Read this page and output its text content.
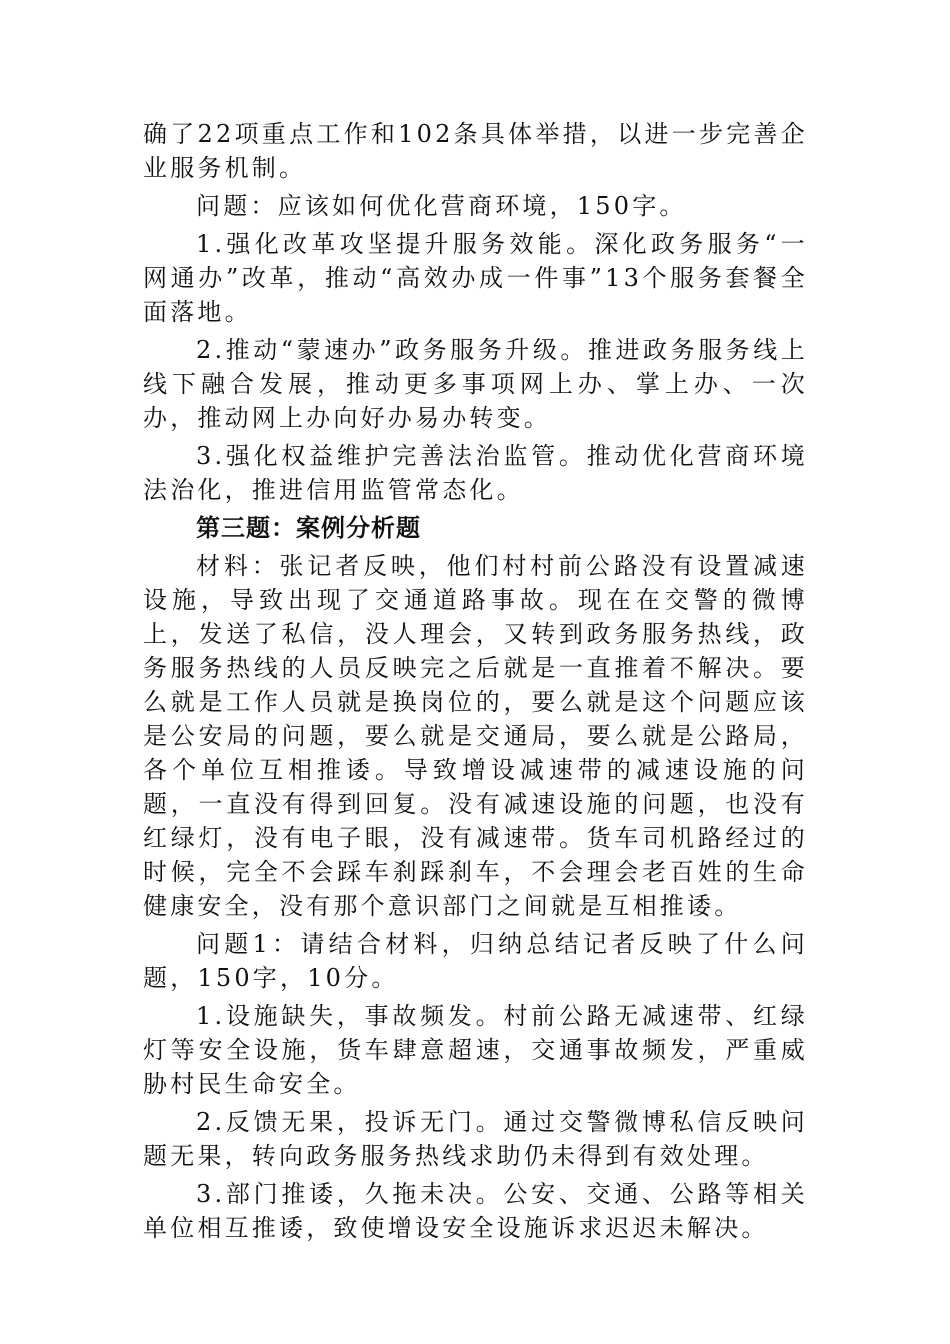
确了22项重点工作和102条具体举措，以进一步完善企业服务机制。

问题：应该如何优化营商环境，150字。

1.强化改革攻坚提升服务效能。深化政务服务“一网通办”改革，推动“高效办成一件事”13个服务套餐全面落地。

2.推动“蒙速办”政务服务升级。推进政务服务线上线下融合发展，推动更多事项网上办、掌上办、一次办，推动网上办向好办易办转变。

3.强化权益维护完善法治监管。推动优化营商环境法治化，推进信用监管常态化。

第三题：案例分析题

材料：张记者反映，他们村村前公路没有设置减速设施，导致出现了交通道路事故。现在在交警的微博上，发送了私信，没人理会，又转到政务服务热线，政务服务热线的人员反映完之后就是一直推着不解决。要么就是工作人员就是换岗位的，要么就是这个问题应该是公安局的问题，要么就是交通局，要么就是公路局，各个单位互相推诿。导致增设减速带的减速设施的问题，一直没有得到回复。没有减速设施的问题，也没有红绿灯，没有电子眼，没有减速带。货车司机路经过的时候，完全不会踩车刹踩刹车，不会理会老百姓的生命健康安全，没有那个意识部门之间就是互相推诿。

问题1：请结合材料，归纳总结记者反映了什么问题，150字，10分。

1.设施缺失，事故频发。村前公路无减速带、红绿灯等安全设施，货车肆意超速，交通事故频发，严重威胁村民生命安全。

2.反馈无果，投诉无门。通过交警微博私信反映问题无果，转向政务服务热线求助仍未得到有效处理。

3.部门推诿，久拖未决。公安、交通、公路等相关单位相互推诿，致使增设安全设施诉求迟迟未解决。
